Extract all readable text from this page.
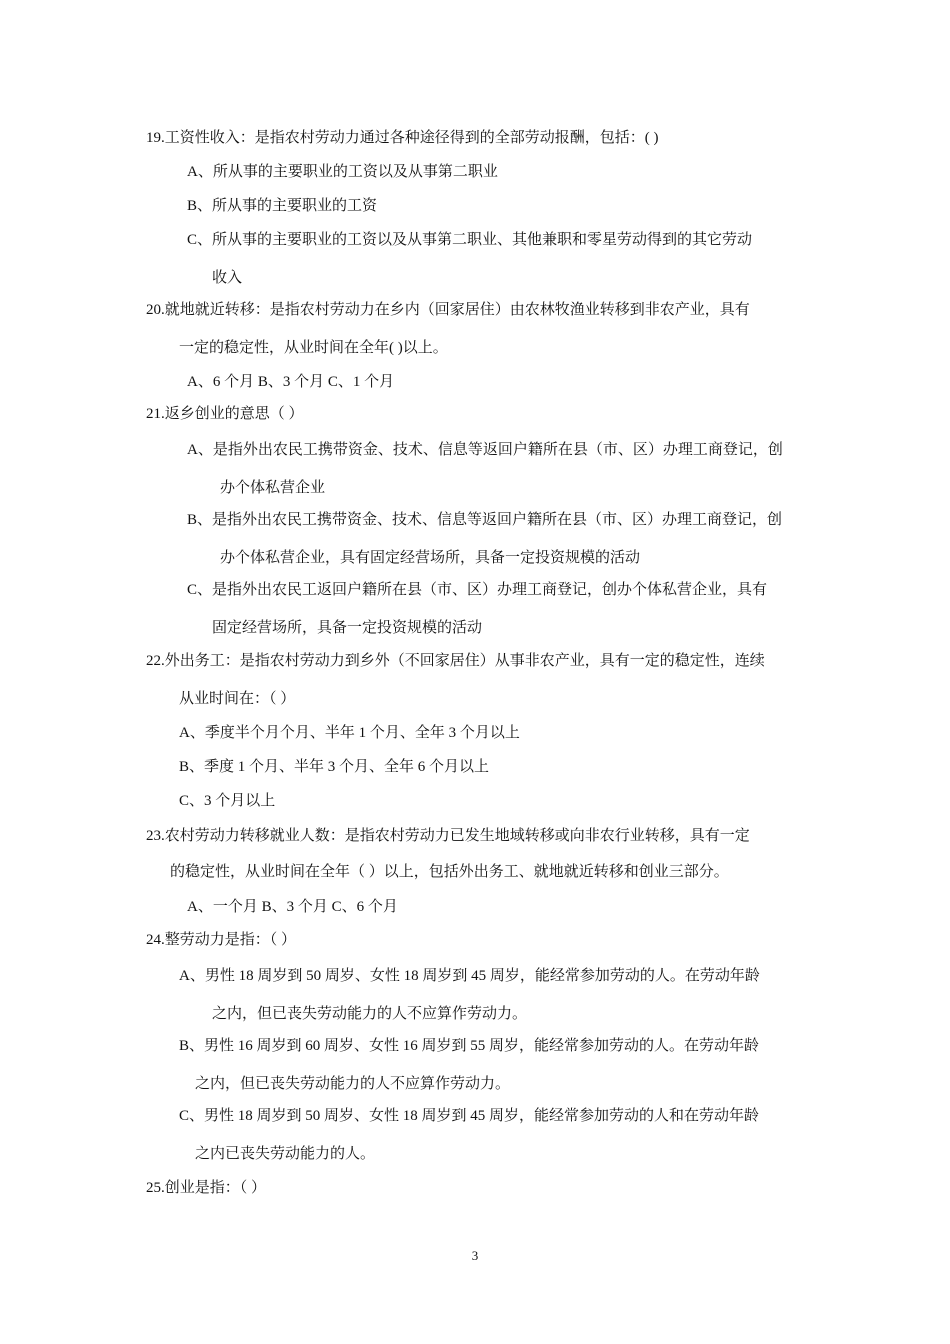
19.工资性收入：是指农村劳动力通过各种途径得到的全部劳动报酬，包括：( )
A、所从事的主要职业的工资以及从事第二职业
B、所从事的主要职业的工资
C、所从事的主要职业的工资以及从事第二职业、其他兼职和零星劳动得到的其它劳动
收入
20.就地就近转移：是指农村劳动力在乡内（回家居住）由农林牧渔业转移到非农产业，具有
一定的稳定性，从业时间在全年( )以上。
A、6 个月 B、3 个月 C、1 个月
21.返乡创业的意思（ ）
A、是指外出农民工携带资金、技术、信息等返回户籍所在县（市、区）办理工商登记，创
办个体私营企业
B、是指外出农民工携带资金、技术、信息等返回户籍所在县（市、区）办理工商登记，创
办个体私营企业，具有固定经营场所，具备一定投资规模的活动
C、是指外出农民工返回户籍所在县（市、区）办理工商登记，创办个体私营企业，具有
固定经营场所，具备一定投资规模的活动
22.外出务工：是指农村劳动力到乡外（不回家居住）从事非农产业，具有一定的稳定性，连续
从业时间在：（ ）
A、季度半个月个月、半年 1 个月、全年 3 个月以上
B、季度 1 个月、半年 3 个月、全年 6 个月以上
C、3 个月以上
23.农村劳动力转移就业人数：是指农村劳动力已发生地域转移或向非农行业转移，具有一定
的稳定性，从业时间在全年（ ）以上，包括外出务工、就地就近转移和创业三部分。
A、一个月 B、3 个月 C、6 个月
24.整劳动力是指：（ ）
A、男性 18 周岁到 50 周岁、女性 18 周岁到 45 周岁，能经常参加劳动的人。在劳动年龄
之内，但已丧失劳动能力的人不应算作劳动力。
B、男性 16 周岁到 60 周岁、女性 16 周岁到 55 周岁，能经常参加劳动的人。在劳动年龄
之内，但已丧失劳动能力的人不应算作劳动力。
C、男性 18 周岁到 50 周岁、女性 18 周岁到 45 周岁，能经常参加劳动的人和在劳动年龄
之内已丧失劳动能力的人。
25.创业是指：（ ）
3
